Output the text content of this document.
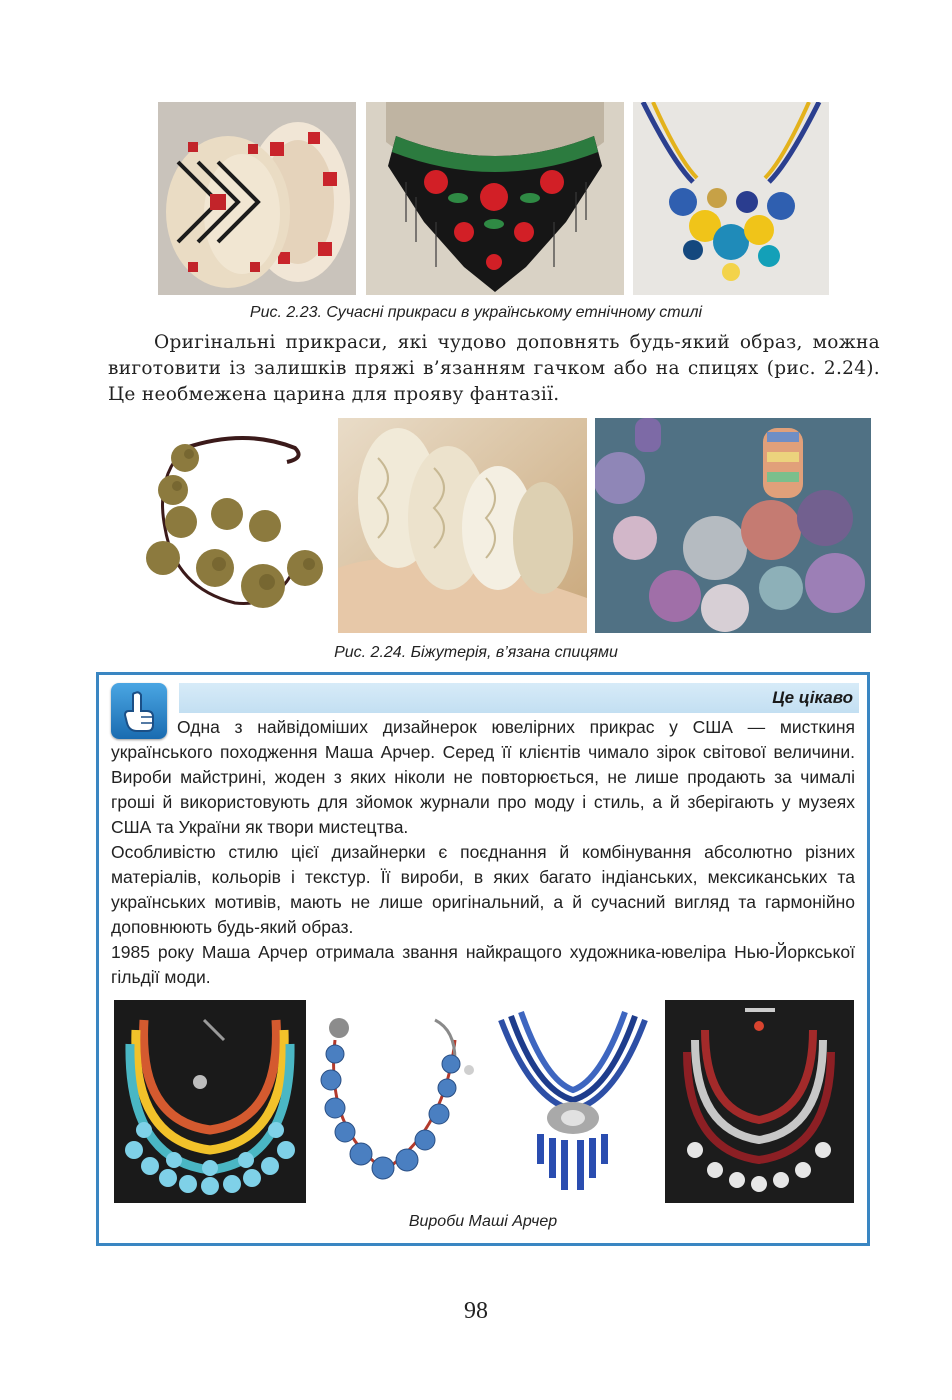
Рис. 2.23. Сучасні прикраси в українському етнічному стилі

Оригінальні прикраси, які чудово доповнять будь-який образ, можна виготовити із залишків пряжі в’язанням гачком або на спицях (рис. 2.24). Це необмежена царина для прояву фантазії.

Рис. 2.24. Біжутерія, в’язана спицями
Це цікаво

Одна з найвідоміших дизайнерок ювелірних прикрас у США — мисткиня українського походження Маша Арчер. Серед її клієнтів чимало зірок світової величини. Вироби майстрині, жоден з яких ніколи не повторюється, не лише продають за чималі гроші й використовують для зйомок журнали про моду і стиль, а й зберігають у музеях США та України як твори мистецтва.

Особливістю стилю цієї дизайнерки є поєднання й комбінування абсолютно різних матеріалів, кольорів і текстур. Її вироби, в яких багато індіанських, мексиканських та українських мотивів, мають не лише оригінальний, а й сучасний вигляд та гармонійно доповнюють будь-який образ.

1985 року Маша Арчер отримала звання найкращого художника-ювеліра Нью-Йоркської гільдії моди.

Вироби Маші Арчер
98
